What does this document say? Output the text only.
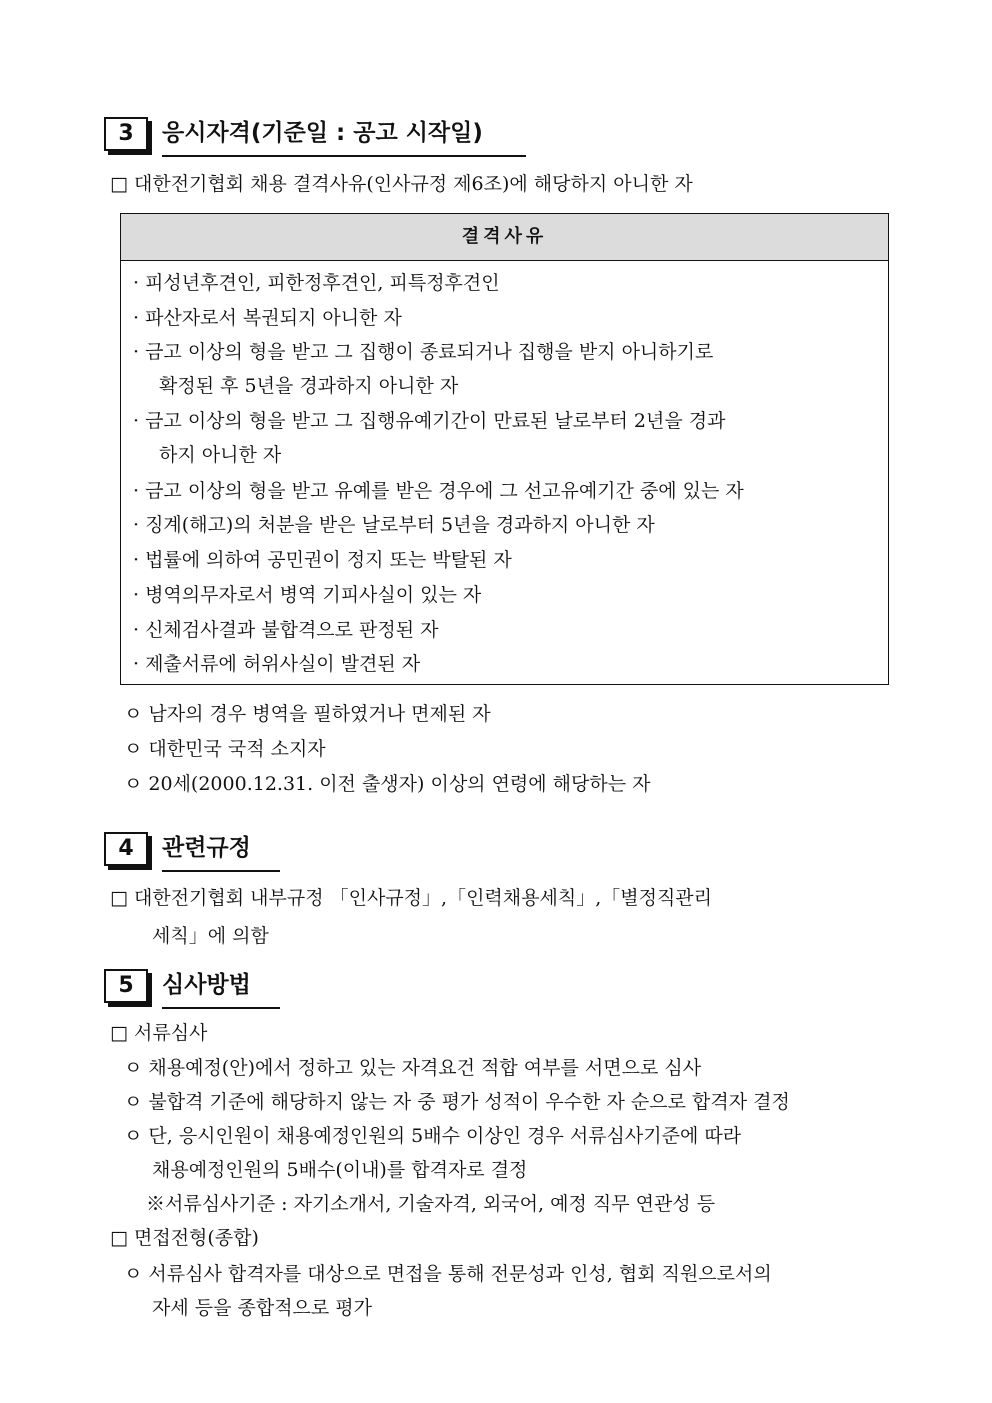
3	응시자격(기준일 : 공고 시작일)
□ 대한전기협회 채용 결격사유(인사규정 제6조)에 해당하지 아니한 자
결격사유
· 피성년후견인, 피한정후견인, 피특정후견인
· 파산자로서 복권되지 아니한 자
· 금고 이상의 형을 받고 그 집행이 종료되거나 집행을 받지 아니하기로
확정된 후 5년을 경과하지 아니한 자
· 금고 이상의 형을 받고 그 집행유예기간이 만료된 날로부터 2년을 경과
하지 아니한 자
· 금고 이상의 형을 받고 유예를 받은 경우에 그 선고유예기간 중에 있는 자
· 징계(해고)의 처분을 받은 날로부터 5년을 경과하지 아니한 자
· 법률에 의하여 공민권이 정지 또는 박탈된 자
· 병역의무자로서 병역 기피사실이 있는 자
· 신체검사결과 불합격으로 판정된 자
· 제출서류에 허위사실이 발견된 자
ㅇ 남자의 경우 병역을 필하였거나 면제된 자
ㅇ 대한민국 국적 소지자
ㅇ 20세(2000.12.31. 이전 출생자) 이상의 연령에 해당하는 자
4	관련규정
□ 대한전기협회 내부규정 「인사규정」,「인력채용세칙」,「별정직관리
세칙」에 의함
5	심사방법
□ 서류심사
ㅇ 채용예정(안)에서 정하고 있는 자격요건 적합 여부를 서면으로 심사
ㅇ 불합격 기준에 해당하지 않는 자 중 평가 성적이 우수한 자 순으로 합격자 결정
ㅇ 단, 응시인원이 채용예정인원의 5배수 이상인 경우 서류심사기준에 따라
채용예정인원의 5배수(이내)를 합격자로 결정
※서류심사기준 : 자기소개서, 기술자격, 외국어, 예정 직무 연관성 등
□ 면접전형(종합)
ㅇ 서류심사 합격자를 대상으로 면접을 통해 전문성과 인성, 협회 직원으로서의
자세 등을 종합적으로 평가
